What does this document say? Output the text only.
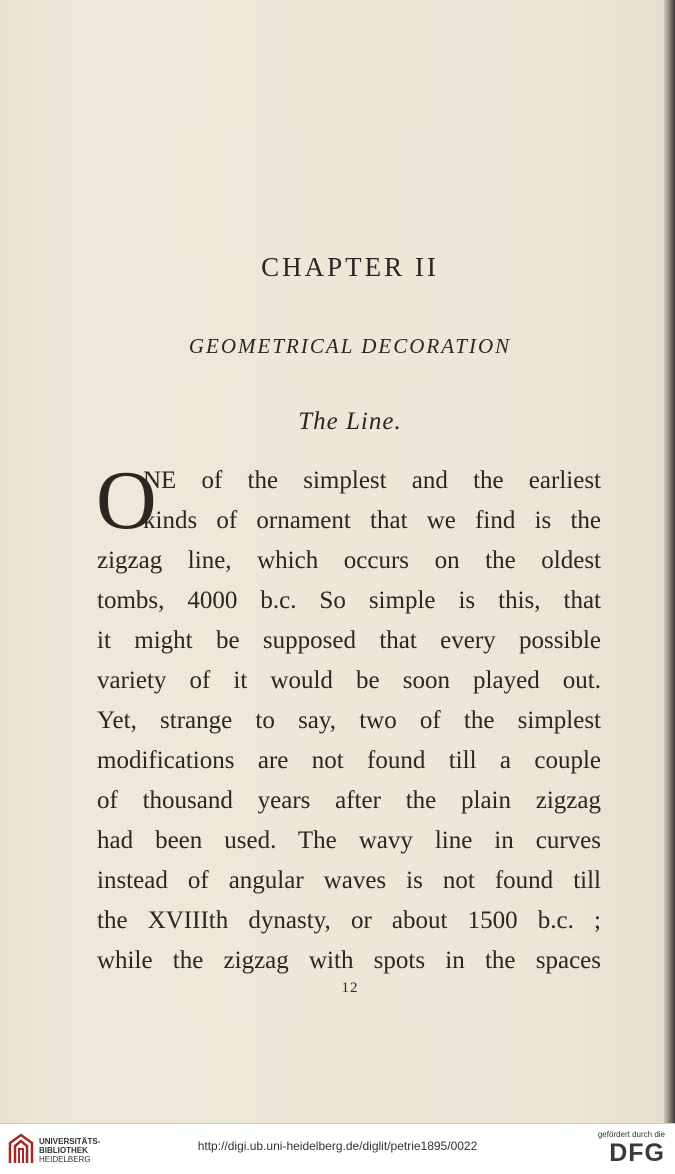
CHAPTER II
GEOMETRICAL DECORATION
The Line.
O
NE of the simplest and the earliest
kinds of ornament that we find is the
zigzag line, which occurs on the oldest
tombs, 4000 b.c. So simple is this, that
it might be supposed that every possible
variety of it would be soon played out.
Yet, strange to say, two of the simplest
modifications are not found till a couple
of thousand years after the plain zigzag
had been used. The wavy line in curves
instead of angular waves is not found till
the XVIIIth dynasty, or about 1500 b.c. ;
while the zigzag with spots in the spaces
12
UNIVERSITÄTS-
BIBLIOTHEK
HEIDELBERG
http://digi.ub.uni-heidelberg.de/diglit/petrie1895/0022
gefördert durch die
DFG
